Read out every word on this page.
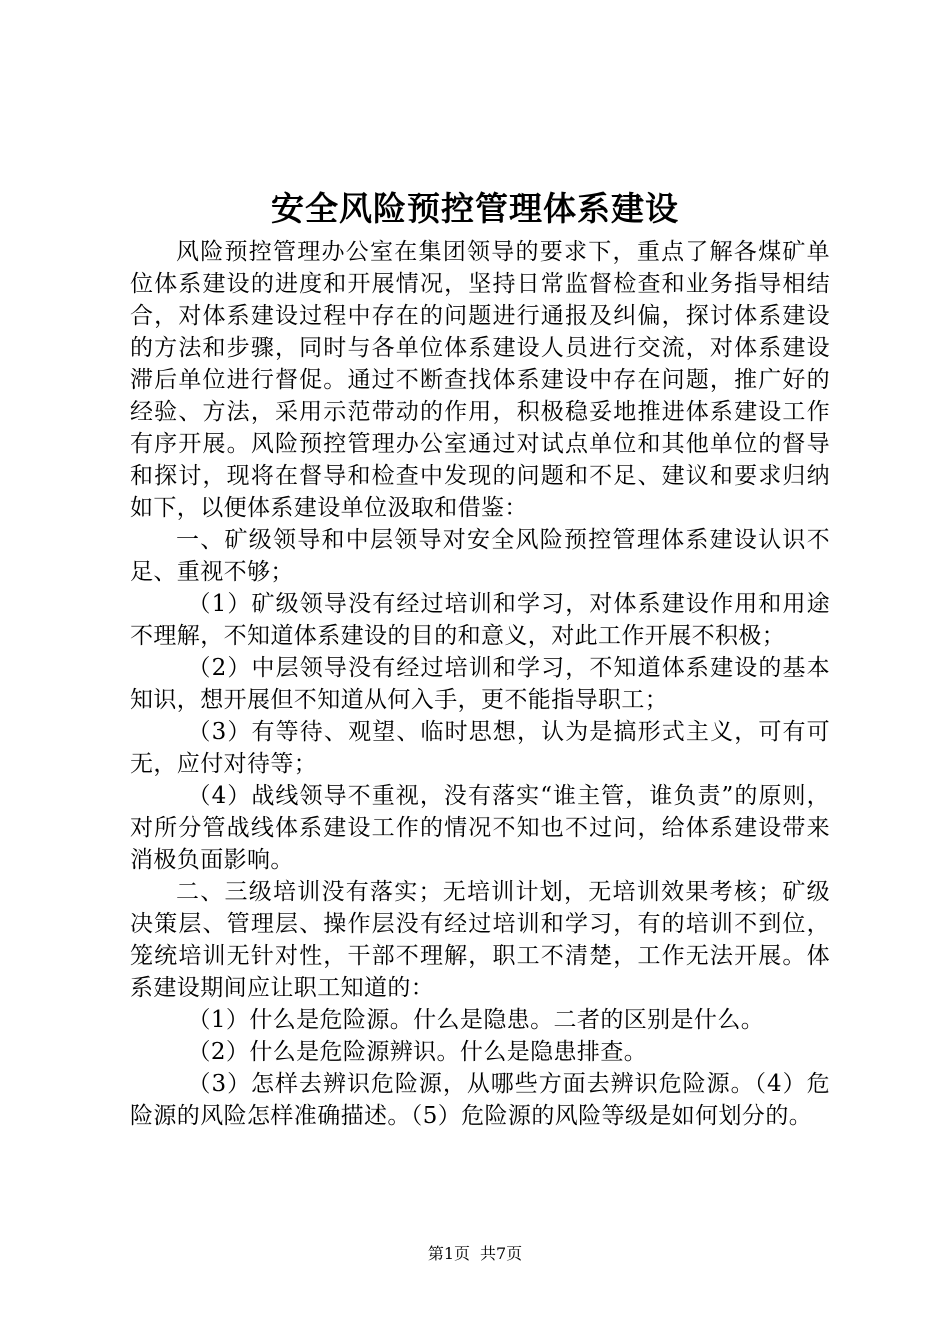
安全风险预控管理体系建设

风险预控管理办公室在集团领导的要求下，重点了解各煤矿单位体系建设的进度和开展情况，坚持日常监督检查和业务指导相结合，对体系建设过程中存在的问题进行通报及纠偏，探讨体系建设的方法和步骤，同时与各单位体系建设人员进行交流，对体系建设滞后单位进行督促。通过不断查找体系建设中存在问题，推广好的经验、方法，采用示范带动的作用，积极稳妥地推进体系建设工作有序开展。风险预控管理办公室通过对试点单位和其他单位的督导和探讨，现将在督导和检查中发现的问题和不足、建议和要求归纳如下，以便体系建设单位汲取和借鉴：

一、矿级领导和中层领导对安全风险预控管理体系建设认识不足、重视不够；

（1）矿级领导没有经过培训和学习，对体系建设作用和用途不理解，不知道体系建设的目的和意义，对此工作开展不积极；

（2）中层领导没有经过培训和学习，不知道体系建设的基本知识，想开展但不知道从何入手，更不能指导职工；

（3）有等待、观望、临时思想，认为是搞形式主义，可有可无，应付对待等；

（4）战线领导不重视，没有落实“谁主管，谁负责”的原则，对所分管战线体系建设工作的情况不知也不过问，给体系建设带来消极负面影响。

二、三级培训没有落实；无培训计划，无培训效果考核；矿级决策层、管理层、操作层没有经过培训和学习，有的培训不到位，笼统培训无针对性，干部不理解，职工不清楚，工作无法开展。体系建设期间应让职工知道的：

（1）什么是危险源。什么是隐患。二者的区别是什么。

（2）什么是危险源辨识。什么是隐患排查。

（3）怎样去辨识危险源，从哪些方面去辨识危险源。（4）危险源的风险怎样准确描述。（5）危险源的风险等级是如何划分的。

第1页 共7页
